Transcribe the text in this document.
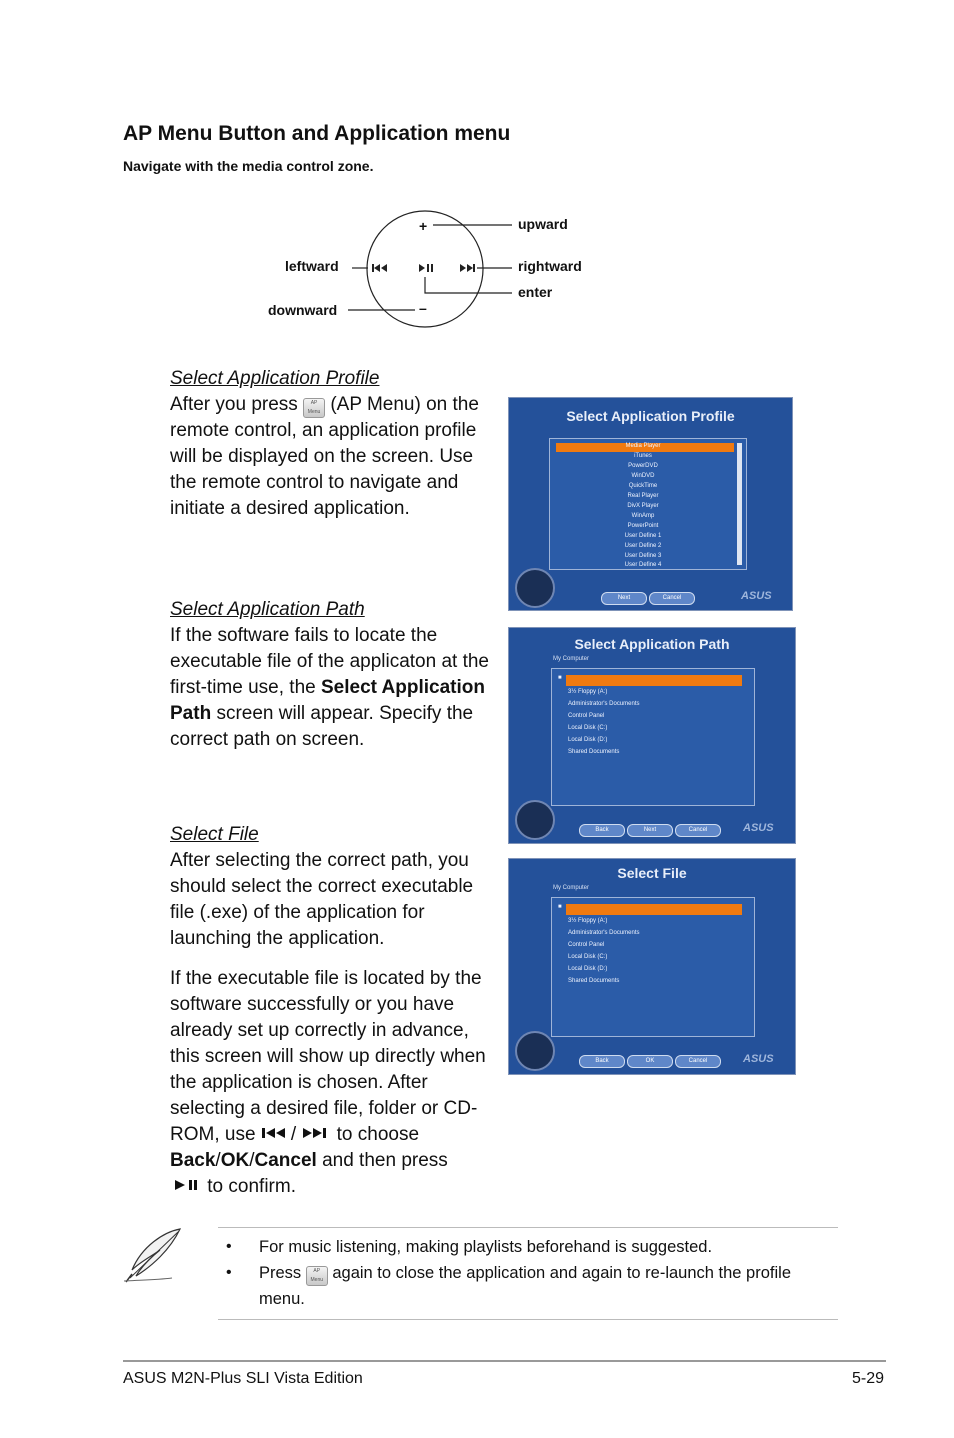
AP Menu Button and Application menu
Navigate with the media control zone.
+
–
upward
leftward	rightward
enter
downward
Select Application Profile
After you press AP Menu (AP Menu) on the remote control, an application profile will be displayed on the screen. Use the remote control to navigate and initiate a desired application.
Select Application Path
If the software fails to locate the executable file of the applicaton at the first-time use, the Select Application Path screen will appear. Specify the correct path on screen.
Select File
After selecting the correct path, you should select the correct executable file (.exe) of the application for launching the application.
If the executable file is located by the software successfully or you have already set up correctly in advance, this screen will show up directly when the application is chosen. After selecting a desired file, folder or CD-ROM, use /  to choose Back/OK/Cancel and then press
to confirm.
Select Application Profile
Media Player
iTunes
PowerDVD
WinDVD
QuickTime
Real Player
DivX Player
WinAmp
PowerPoint
User Define 1
User Define 2
User Define 3
User Define 4
Next	Cancel	ASUS
Select Application Path
My Computer
■
3½ Floppy (A:)
Administrator's Documents
Control Panel
Local Disk (C:)
Local Disk (D:)
Shared Documents
Back	Next	Cancel	ASUS
Select File
My Computer
■
3½ Floppy (A:)
Administrator's Documents
Control Panel
Local Disk (C:)
Local Disk (D:)
Shared Documents
Back	OK	Cancel	ASUS
• For music listening, making playlists beforehand is suggested.
• Press AP Menu again to close the application and again to re-launch the profile menu.
ASUS M2N-Plus SLI Vista Edition	5-29
